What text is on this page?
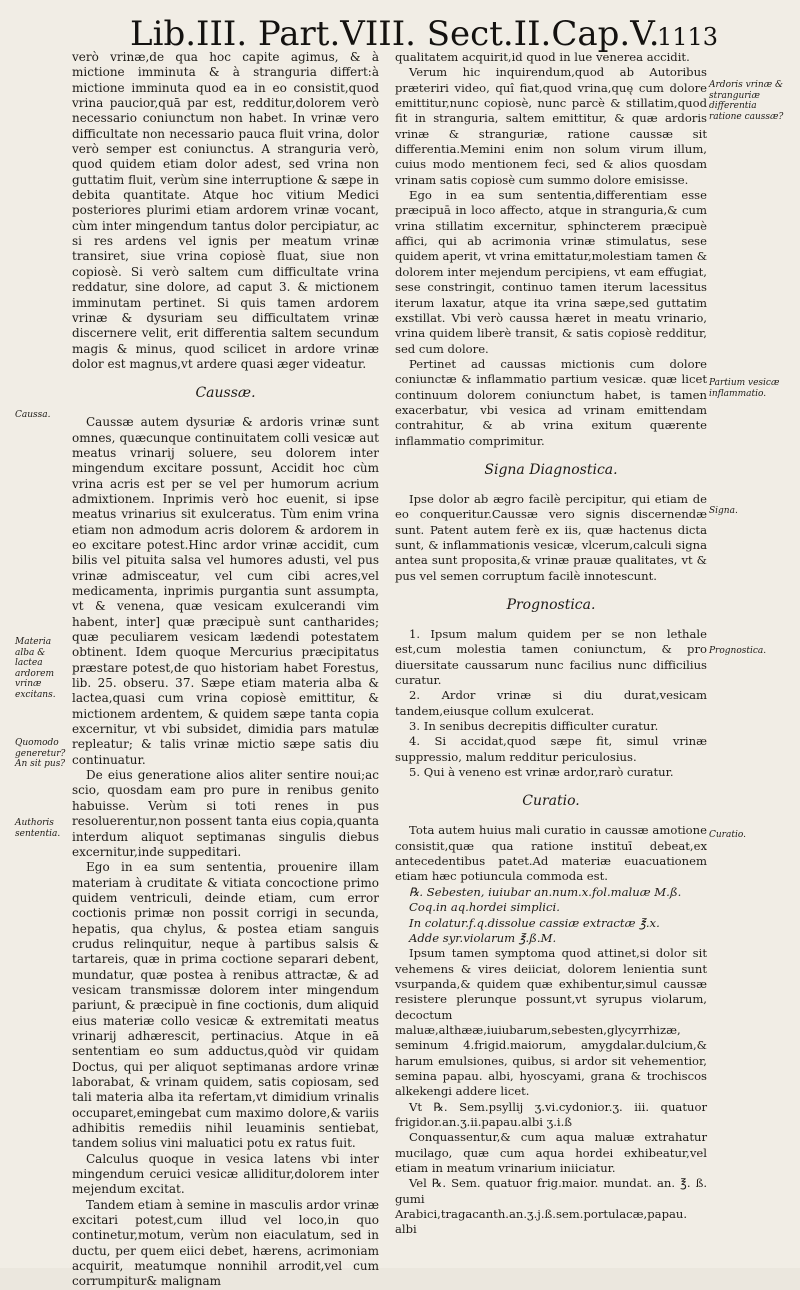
Lib.III. Part.VIII. Sect.II.Cap.V.
1113

verò vrinæ,de qua hoc capite agimus, & à mictione imminuta & à stranguria differt:à mictione imminuta quod ea in eo consistit,quod vrina paucior,quā par est, redditur,dolorem verò necessario coniunctum non habet. In vrinæ vero difficultate non necessario pauca fluit vrina, dolor verò semper est coniunctus. A stranguria verò, quod quidem etiam dolor adest, sed vrina non guttatim fluit, verùm sine interruptione & sæpe in debita quantitate. Atque hoc vitium Medici posteriores plurimi etiam ardorem vrinæ vocant, cùm inter mingendum tantus dolor percipiatur, ac si res ardens vel ignis per meatum vrinæ transiret, siue vrina copiosè fluat, siue non copiosè. Si verò saltem cum difficultate vrina reddatur, sine dolore, ad caput 3. & mictionem imminutam pertinet. Si quis tamen ardorem vrinæ & dysuriam seu difficultatem vrinæ discernere velit, erit differentia saltem secundum magis & minus, quod scilicet in ardore vrinæ dolor est magnus,vt ardere quasi æger videatur.

Caussæ.

Caussæ autem dysuriæ & ardoris vrinæ sunt omnes, quæcunque continuitatem colli vesicæ aut meatus vrinarij soluere, seu dolorem inter mingendum excitare possunt, Accidit hoc cùm vrina acris est per se vel per humorum acrium admixtionem. Inprimis verò hoc euenit, si ipse meatus vrinarius sit exulceratus. Tùm enim vrina etiam non admodum acris dolorem & ardorem in eo excitare potest.Hinc ardor vrinæ accidit, cum bilis vel pituita salsa vel humores adusti, vel pus vrinæ admisceatur, vel cum cibi acres,vel medicamenta, inprimis purgantia sunt assumpta, vt & venena, quæ vesicam exulcerandi vim habent, inter] quæ præcipuè sunt cantharides; quæ peculiarem vesicam lædendi potestatem obtinent. Idem quoque Mercurius præcipitatus præstare potest,de quo historiam habet Forestus, lib. 25. obseru. 37. Sæpe etiam materia alba & lactea,quasi cum vrina copiosè emittitur, & mictionem ardentem, & quidem sæpe tanta copia excernitur, vt vbi subsidet, dimidia pars matulæ repleatur; & talis vrinæ mictio sæpe satis diu continuatur.

De eius generatione alios aliter sentire noui;ac scio, quosdam eam pro pure in renibus genito habuisse. Verùm si toti renes in pus resoluerentur,non possent tanta eius copia,quanta interdum aliquot septimanas singulis diebus excernitur,inde suppeditari.

Ego in ea sum sententia, prouenire illam materiam à cruditate & vitiata concoctione primo quidem ventriculi, deinde etiam, cum error coctionis primæ non possit corrigi in secunda, hepatis, qua chylus, & postea etiam sanguis crudus relinquitur, neque à partibus salsis & tartareis, quæ in prima coctione separari debent, mundatur, quæ postea à renibus attractæ, & ad vesicam transmissæ dolorem inter mingendum pariunt, & præcipuè in fine coctionis, dum aliquid eius materiæ collo vesicæ & extremitati meatus vrinarij adhærescit, pertinacius. Atque in eā sententiam eo sum adductus,quòd vir quidam Doctus, qui per aliquot septimanas ardore vrinæ laborabat, & vrinam quidem, satis copiosam, sed tali materia alba ita refertam,vt dimidium vrinalis occuparet,emingebat cum maximo dolore,& variis adhibitis remediis nihil leuaminis sentiebat, tandem solius vini maluatici potu ex ratus fuit.

Calculus quoque in vesica latens vbi inter mingendum ceruici vesicæ alliditur,dolorem inter mejendum excitat.

Tandem etiam à semine in masculis ardor vrinæ excitari potest,cum illud vel loco,in quo continetur,motum, verùm non eiaculatum, sed in ductu, per quem eiici debet, hærens, acrimoniam acquirit, meatumque nonnihil arrodit,vel cum corrumpitur& malignam

qualitatem acquirit,id quod in lue venerea accidit.

Verum hic inquirendum,quod ab Autoribus præteriri video, quî fiat,quod vrina,quę cum dolore emittitur,nunc copiosè, nunc parcè & stillatim,quod fit in stranguria, saltem emittitur, & quæ ardoris vrinæ & stranguriæ, ratione caussæ sit differentia.Memini enim non solum virum illum, cuius modo mentionem feci, sed & alios quosdam vrinam satis copiosè cum summo dolore emisisse.

Ego in ea sum sententia,differentiam esse præcipuā in loco affecto, atque in stranguria,& cum vrina stillatim excernitur, sphincterem præcipuè affici, qui ab acrimonia vrinæ stimulatus, sese quidem aperit, vt vrina emittatur,molestiam tamen & dolorem inter mejendum percipiens, vt eam effugiat, sese constringit, continuo tamen iterum lacessitus iterum laxatur, atque ita vrina sæpe,sed guttatim exstillat. Vbi verò caussa hæret in meatu vrinario, vrina quidem liberè transit, & satis copiosè redditur, sed cum dolore.

Pertinet ad caussas mictionis cum dolore coniunctæ & inflammatio partium vesicæ. quæ licet continuum dolorem coniunctum habet, is tamen exacerbatur, vbi vesica ad vrinam emittendam contrahitur, & ab vrina exitum quærente inflammatio comprimitur.

Signa Diagnostica.

Ipse dolor ab ægro facilè percipitur, qui etiam de eo conqueritur.Caussæ vero signis discernendæ sunt. Patent autem ferè ex iis, quæ hactenus dicta sunt, & inflammationis vesicæ, vlcerum,calculi signa antea sunt proposita,& vrinæ prauæ qualitates, vt & pus vel semen corruptum facilè innotescunt.

Prognostica.

1. Ipsum malum quidem per se non lethale est,cum molestia tamen coniunctum, & pro diuersitate caussarum nunc facilius nunc difficilius curatur.

2. Ardor vrinæ si diu durat,vesicam tandem,eiusque collum exulcerat.

3. In senibus decrepitis difficulter curatur.

4. Si accidat,quod sæpe fit, simul vrinæ suppressio, malum redditur periculosius.

5. Qui à veneno est vrinæ ardor,rarò curatur.

Curatio.

Tota autem huius mali curatio in caussæ amotione consistit,quæ qua ratione instituī debeat,ex antecedentibus patet.Ad materiæ euacuationem etiam hæc potiuncula commoda est.

℞. Sebesten, iuiubar an.num.x.fol.maluæ M.ß.

Coq.in aq.hordei simplici.

In colatur.f.q.dissolue cassiæ extractæ ℥.x.

Adde syr.violarum ℥.ß.M.

Ipsum tamen symptoma quod attinet,si dolor sit vehemens & vires deiiciat, dolorem lenientia sunt vsurpanda,& quidem quæ exhibentur,simul caussæ resistere plerunque possunt,vt syrupus violarum, decoctum maluæ,althææ,iuiubarum,sebesten,glycyrrhizæ, seminum 4.frigid.maiorum, amygdalar.dulcium,& harum emulsiones, quibus, si ardor sit vehementior, semina papau. albi, hyoscyami, grana & trochiscos alkekengi addere licet.

Vt ℞. Sem.psyllij ʒ.vi.cydonior.ʒ. iii. quatuor frigidor.an.ʒ.ii.papau.albi ʒ.i.ß

Conquassentur,& cum aqua maluæ extrahatur mucilago, quæ cum aqua hordei exhibeatur,vel etiam in meatum vrinarium iniiciatur.

Vel ℞. Sem. quatuor frig.maior. mundat. an. ℥. ß. gumi Arabici,tragacanth.an.ʒ.j.ß.sem.portulacæ,papau. albi

Caussa.
Materia alba & lactea ardorem vrinæ excitans.
Quomodo generetur? An sit pus?
Authoris sententia.
Ardoris vrinæ & stranguriæ differentia ratione caussæ?
Partium vesicæ inflammatio.
Signa.
Prognostica.
Curatio.
